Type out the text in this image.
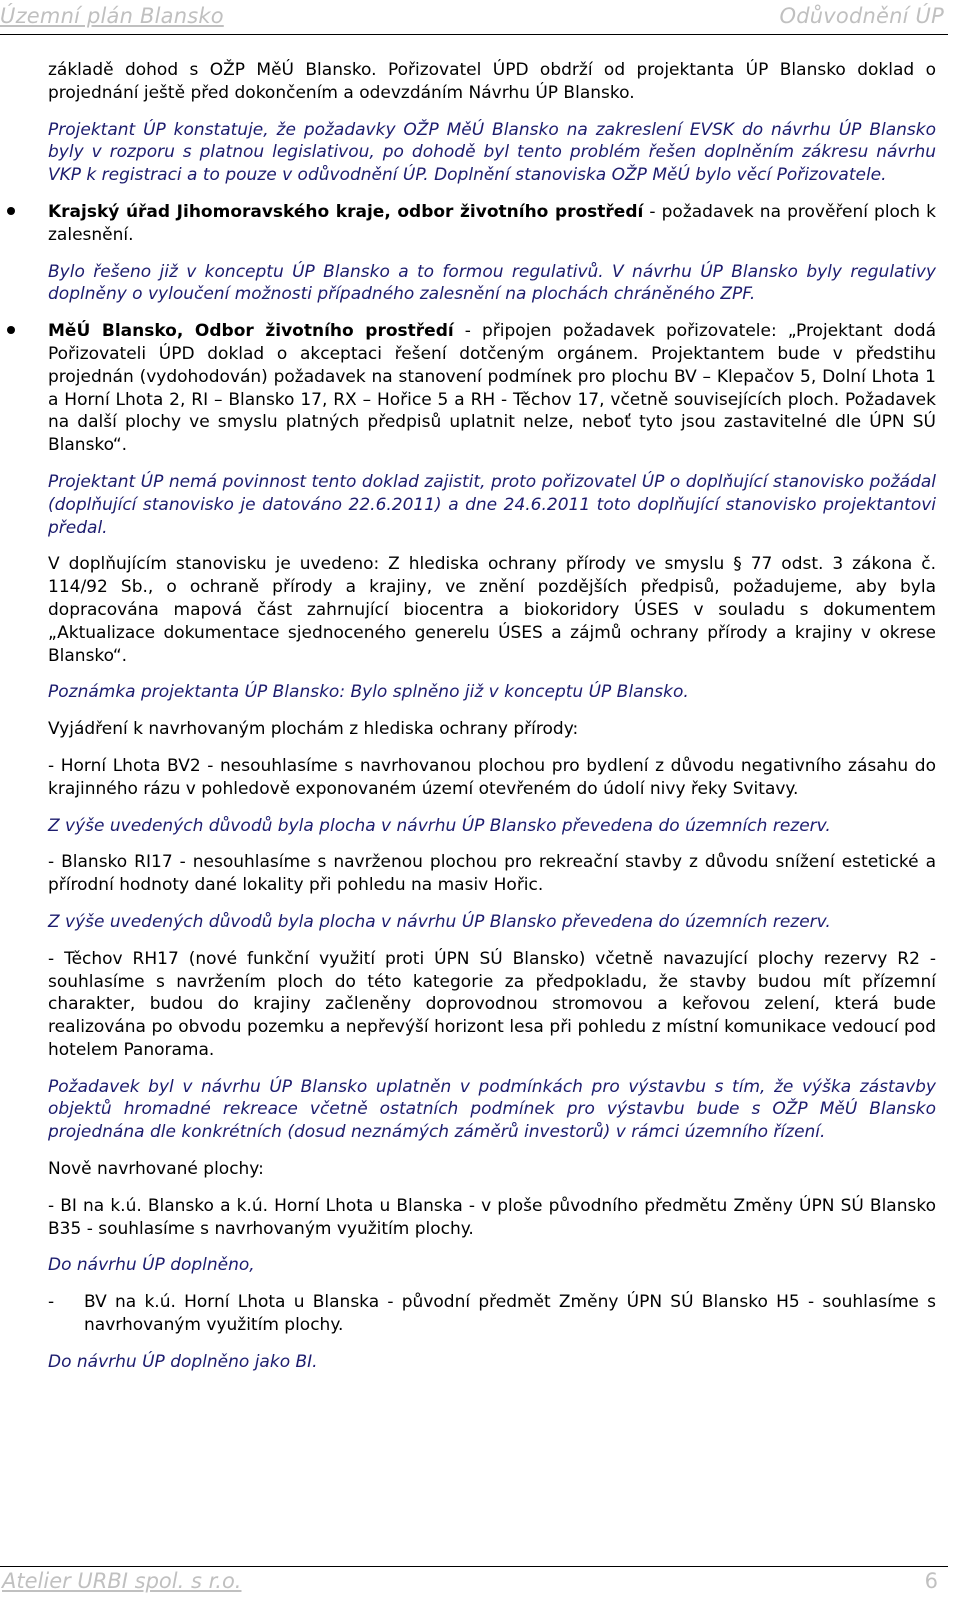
Územní plán Blansko	Odůvodnění ÚP
základě dohod s OŽP MěÚ Blansko. Pořizovatel ÚPD obdrží od projektanta ÚP Blansko doklad o projednání ještě před dokončením a odevzdáním Návrhu ÚP Blansko.
Projektant ÚP konstatuje, že požadavky OŽP MěÚ Blansko na zakreslení EVSK do návrhu ÚP Blansko byly v rozporu s platnou legislativou, po dohodě byl tento problém řešen doplněním zákresu návrhu VKP k registraci a to pouze v odůvodnění ÚP. Doplnění stanoviska OŽP MěÚ bylo věcí Pořizovatele.
Krajský úřad Jihomoravského kraje, odbor životního prostředí - požadavek na prověření ploch k zalesnění.
Bylo řešeno již v konceptu ÚP Blansko a to formou regulativů. V návrhu ÚP Blansko byly regulativy doplněny o vyloučení možnosti případného zalesnění na plochách chráněného ZPF.
MěÚ Blansko, Odbor životního prostředí - připojen požadavek pořizovatele: „Projektant dodá Pořizovateli ÚPD doklad o akceptaci řešení dotčeným orgánem. Projektantem bude v předstihu projednán (vydohodován) požadavek na stanovení podmínek pro plochu BV – Klepačov 5, Dolní Lhota 1 a Horní Lhota 2, RI – Blansko 17, RX – Hořice 5 a RH - Těchov 17, včetně souvisejících ploch. Požadavek na další plochy ve smyslu platných předpisů uplatnit nelze, neboť tyto jsou zastavitelné dle ÚPN SÚ Blansko“.
Projektant ÚP nemá povinnost tento doklad zajistit, proto pořizovatel ÚP o doplňující stanovisko požádal (doplňující stanovisko je datováno 22.6.2011) a dne 24.6.2011 toto doplňující stanovisko projektantovi předal.
V doplňujícím stanovisku je uvedeno: Z hlediska ochrany přírody ve smyslu § 77 odst. 3 zákona č. 114/92 Sb., o ochraně přírody a krajiny, ve znění pozdějších předpisů, požadujeme, aby byla dopracována mapová část zahrnující biocentra a biokoridory ÚSES v souladu s dokumentem „Aktualizace dokumentace sjednoceného generelu ÚSES a zájmů ochrany přírody a krajiny v okrese Blansko“.
Poznámka projektanta ÚP Blansko: Bylo splněno již v konceptu ÚP Blansko.
Vyjádření k navrhovaným plochám z hlediska ochrany přírody:
- Horní Lhota BV2 - nesouhlasíme s navrhovanou plochou pro bydlení z důvodu negativního zásahu do krajinného rázu v pohledově exponovaném území otevřeném do údolí nivy řeky Svitavy.
Z výše uvedených důvodů byla plocha v návrhu ÚP Blansko převedena do územních rezerv.
- Blansko RI17 - nesouhlasíme s navrženou plochou pro rekreační stavby z důvodu snížení estetické a přírodní hodnoty dané lokality při pohledu na masiv Hořic.
Z výše uvedených důvodů byla plocha v návrhu ÚP Blansko převedena do územních rezerv.
- Těchov RH17 (nové funkční využití proti ÚPN SÚ Blansko) včetně navazující plochy rezervy R2 - souhlasíme s navržením ploch do této kategorie za předpokladu, že stavby budou mít přízemní charakter, budou do krajiny začleněny doprovodnou stromovou a keřovou zelení, která bude realizována po obvodu pozemku a nepřevýší horizont lesa při pohledu z místní komunikace vedoucí pod hotelem Panorama.
Požadavek byl v návrhu ÚP Blansko uplatněn v podmínkách pro výstavbu s tím, že výška zástavby objektů hromadné rekreace včetně ostatních podmínek pro výstavbu bude s OŽP MěÚ Blansko projednána dle konkrétních (dosud neznámých záměrů investorů) v rámci územního řízení.
Nově navrhované plochy:
- BI na k.ú. Blansko a k.ú. Horní Lhota u Blanska - v ploše původního předmětu Změny ÚPN SÚ Blansko B35 - souhlasíme s navrhovaným využitím plochy.
Do návrhu ÚP doplněno,
- BV na k.ú. Horní Lhota u Blanska - původní předmět Změny ÚPN SÚ Blansko H5 - souhlasíme s navrhovaným využitím plochy.
Do návrhu ÚP doplněno jako BI.
Atelier URBI spol. s r.o.	6
